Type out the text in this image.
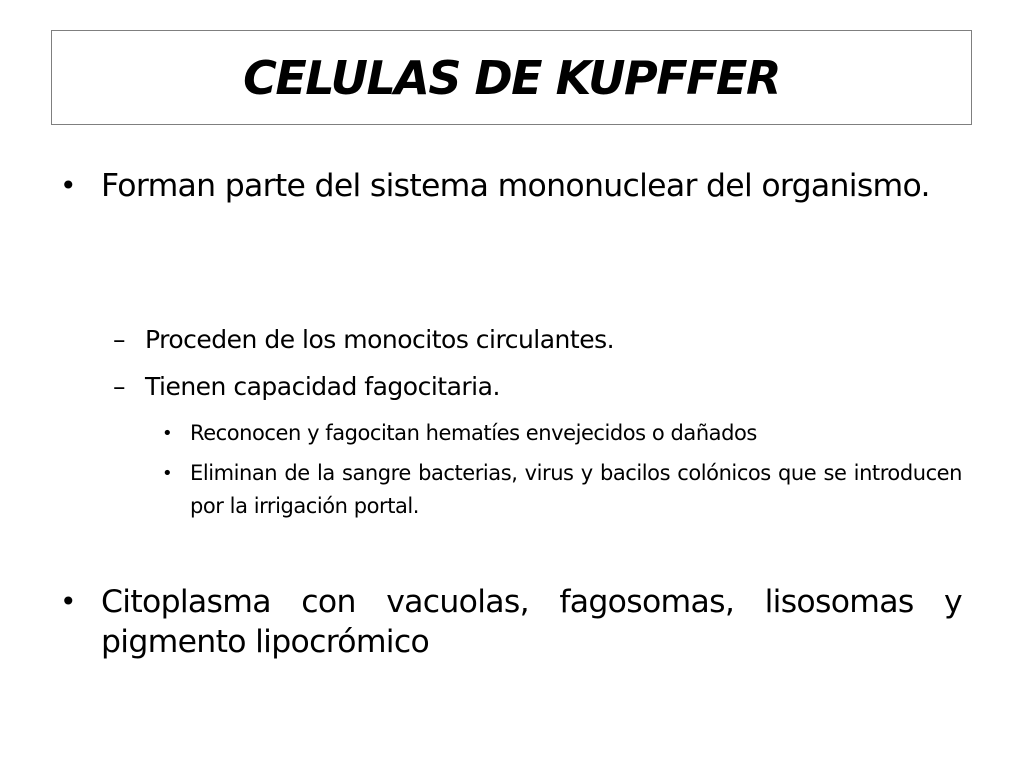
CELULAS DE KUPFFER
• Forman parte del sistema mononuclear del organismo.
– Proceden de los monocitos circulantes.
– Tienen capacidad fagocitaria.
• Reconocen y fagocitan hematíes envejecidos o dañados
• Eliminan de la sangre bacterias, virus y bacilos colónicos que se introducen por la irrigación portal.
• Citoplasma con vacuolas, fagosomas, lisosomas y pigmento lipocrómico
